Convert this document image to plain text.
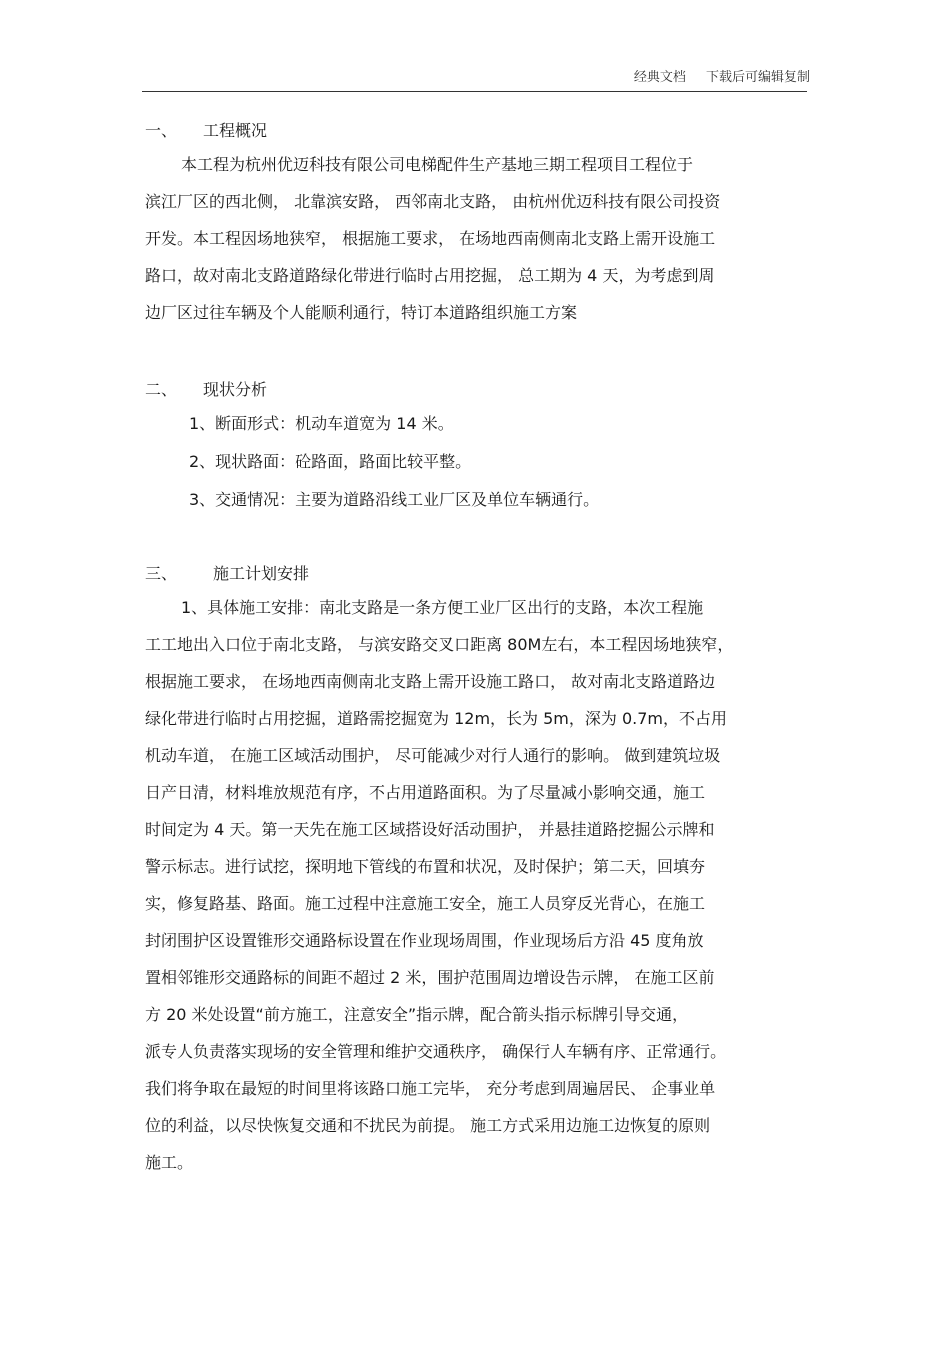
经典文档 下载后可编辑复制
一、 工程概况
本工程为杭州优迈科技有限公司电梯配件生产基地三期工程项目工程位于
滨江厂区的西北侧， 北靠滨安路， 西邻南北支路， 由杭州优迈科技有限公司投资
开发。本工程因场地狭窄， 根据施工要求， 在场地西南侧南北支路上需开设施工
路口，故对南北支路道路绿化带进行临时占用挖掘， 总工期为 4 天，为考虑到周
边厂区过往车辆及个人能顺利通行，特订本道路组织施工方案
二、 现状分析
1、断面形式：机动车道宽为 14 米。
2、现状路面：砼路面，路面比较平整。
3、交通情况：主要为道路沿线工业厂区及单位车辆通行。
三、 施工计划安排
1、具体施工安排：南北支路是一条方便工业厂区出行的支路，本次工程施
工工地出入口位于南北支路， 与滨安路交叉口距离 80M左右，本工程因场地狭窄，
根据施工要求， 在场地西南侧南北支路上需开设施工路口， 故对南北支路道路边
绿化带进行临时占用挖掘，道路需挖掘宽为 12m，长为 5m，深为 0.7m，不占用
机动车道， 在施工区域活动围护， 尽可能减少对行人通行的影响。 做到建筑垃圾
日产日清，材料堆放规范有序，不占用道路面积。为了尽量减小影响交通，施工
时间定为 4 天。第一天先在施工区域搭设好活动围护， 并悬挂道路挖掘公示牌和
警示标志。进行试挖，探明地下管线的布置和状况，及时保护；第二天，回填夯
实，修复路基、路面。施工过程中注意施工安全，施工人员穿反光背心，在施工
封闭围护区设置锥形交通路标设置在作业现场周围，作业现场后方沿 45 度角放
置相邻锥形交通路标的间距不超过 2 米，围护范围周边增设告示牌， 在施工区前
方 20 米处设置“前方施工，注意安全”指示牌，配合箭头指示标牌引导交通，
派专人负责落实现场的安全管理和维护交通秩序， 确保行人车辆有序、正常通行。
我们将争取在最短的时间里将该路口施工完毕， 充分考虑到周遍居民、 企事业单
位的利益，以尽快恢复交通和不扰民为前提。 施工方式采用边施工边恢复的原则
施工。
